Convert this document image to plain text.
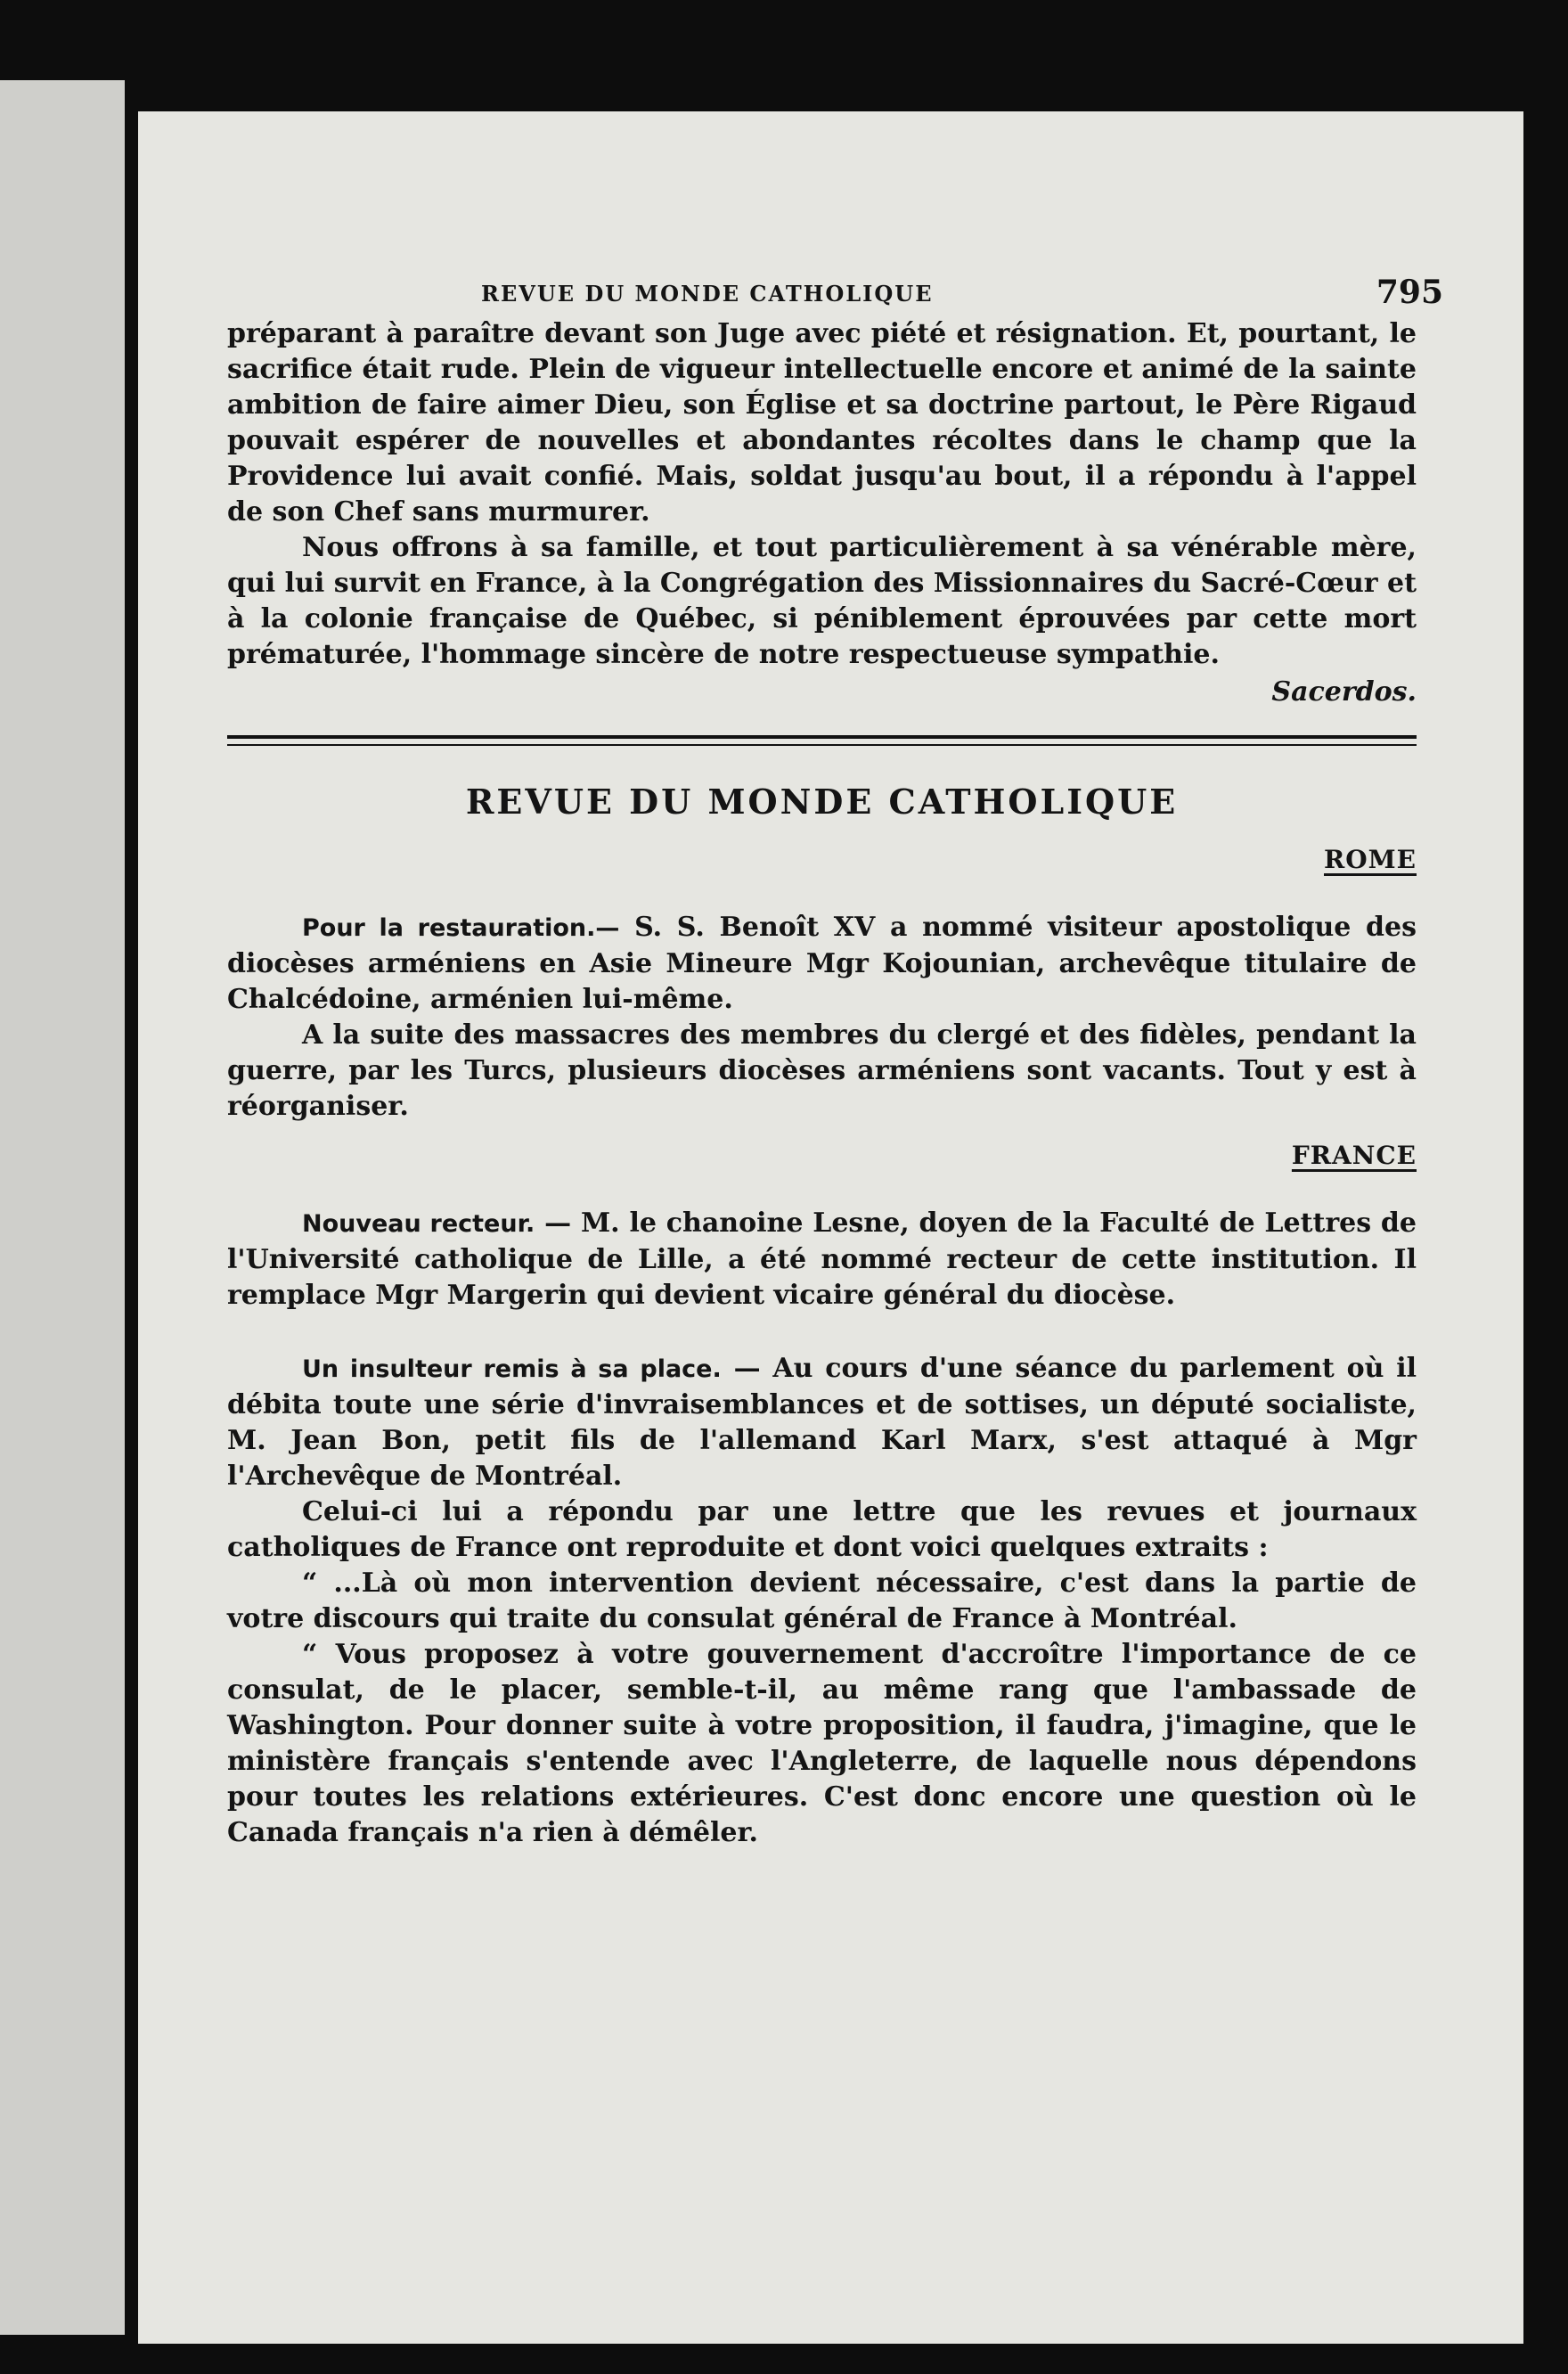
REVUE DU MONDE CATHOLIQUE	795

préparant à paraître devant son Juge avec piété et résignation. Et, pourtant, le sacrifice était rude. Plein de vigueur intellectuelle encore et animé de la sainte ambition de faire aimer Dieu, son Église et sa doctrine partout, le Père Rigaud pouvait espérer de nouvelles et abondantes récoltes dans le champ que la Providence lui avait confié. Mais, soldat jusqu'au bout, il a répondu à l'appel de son Chef sans murmurer.

Nous offrons à sa famille, et tout particulièrement à sa vénérable mère, qui lui survit en France, à la Congrégation des Missionnaires du Sacré-Cœur et à la colonie française de Québec, si péniblement éprouvées par cette mort prématurée, l'hommage sincère de notre respectueuse sympathie.

Sacerdos.
REVUE DU MONDE CATHOLIQUE
ROME

Pour la restauration.— S. S. Benoît XV a nommé visiteur apostolique des diocèses arméniens en Asie Mineure Mgr Kojounian, archevêque titulaire de Chalcédoine, arménien lui-même.

A la suite des massacres des membres du clergé et des fidèles, pendant la guerre, par les Turcs, plusieurs diocèses arméniens sont vacants. Tout y est à réorganiser.

FRANCE

Nouveau recteur. — M. le chanoine Lesne, doyen de la Faculté de Lettres de l'Université catholique de Lille, a été nommé recteur de cette institution. Il remplace Mgr Margerin qui devient vicaire général du diocèse.

Un insulteur remis à sa place. — Au cours d'une séance du parlement où il débita toute une série d'invraisemblances et de sottises, un député socialiste, M. Jean Bon, petit fils de l'allemand Karl Marx, s'est attaqué à Mgr l'Archevêque de Montréal.

Celui-ci lui a répondu par une lettre que les revues et journaux catholiques de France ont reproduite et dont voici quelques extraits :

“ ...Là où mon intervention devient nécessaire, c'est dans la partie de votre discours qui traite du consulat général de France à Montréal.

“ Vous proposez à votre gouvernement d'accroître l'importance de ce consulat, de le placer, semble-t-il, au même rang que l'ambassade de Washington. Pour donner suite à votre proposition, il faudra, j'imagine, que le ministère français s'entende avec l'Angleterre, de laquelle nous dépendons pour toutes les relations extérieures. C'est donc encore une question où le Canada français n'a rien à démêler.
